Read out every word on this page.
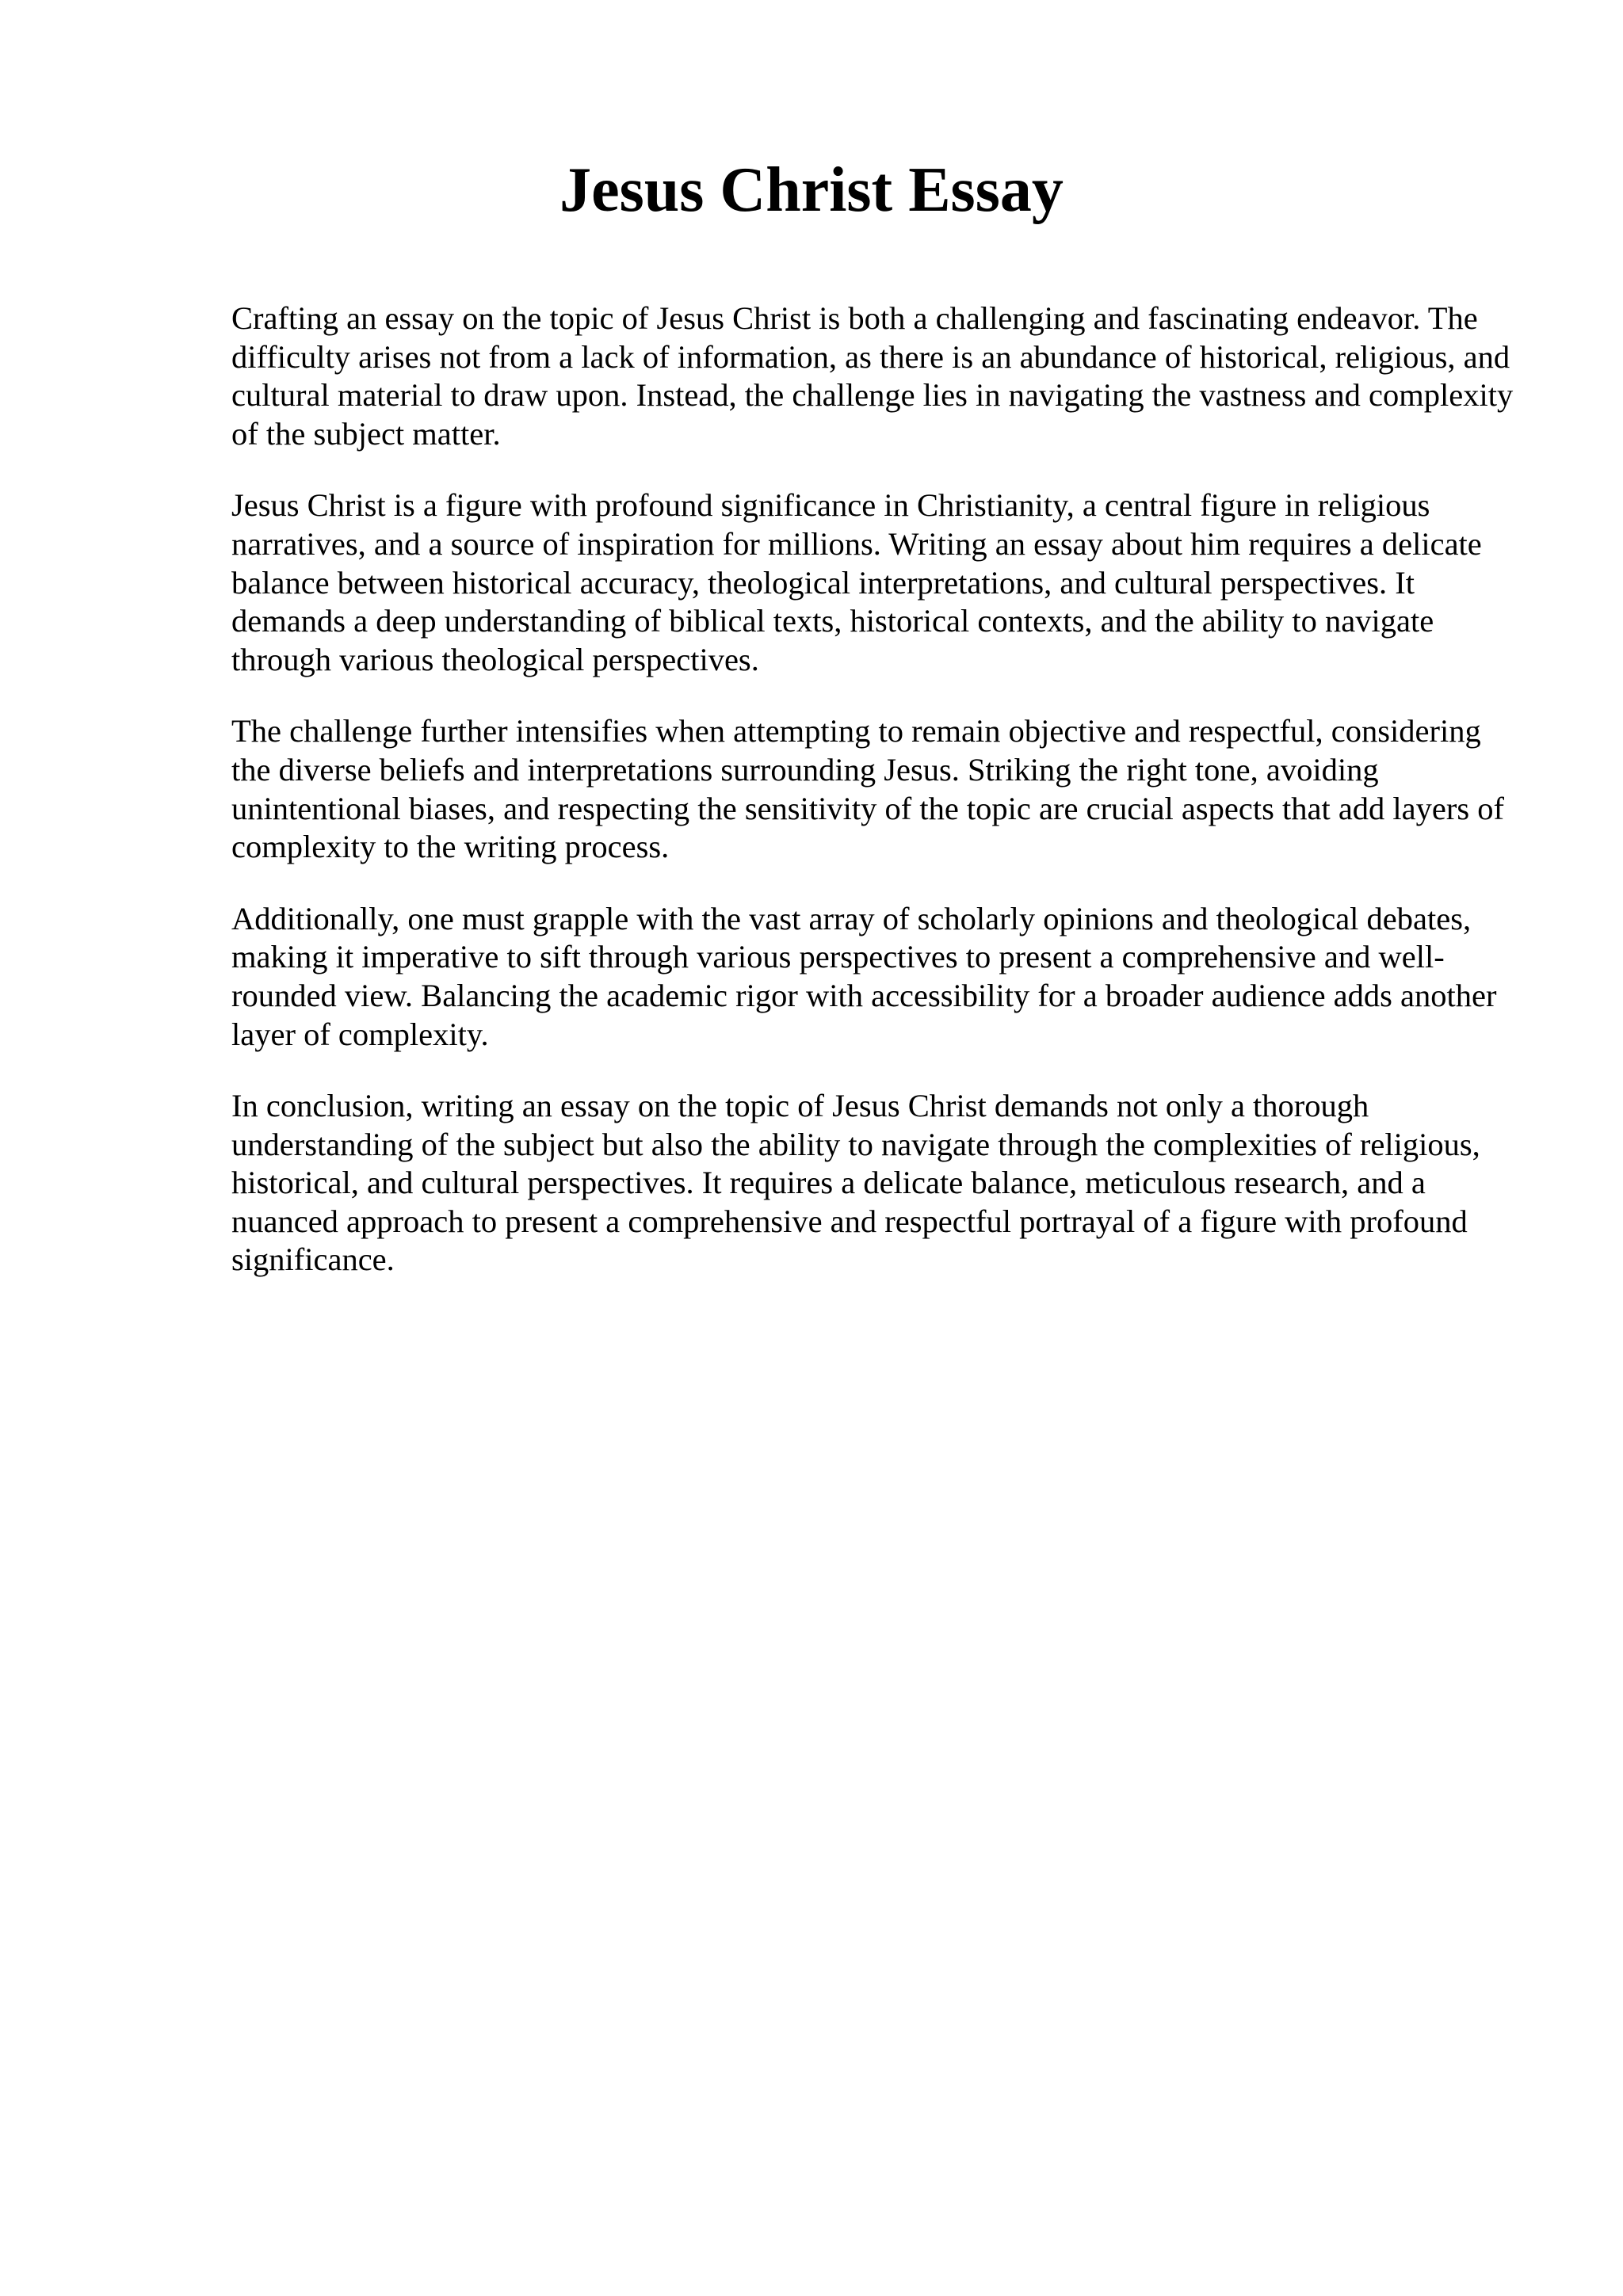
Jesus Christ Essay

Crafting an essay on the topic of Jesus Christ is both a challenging and fascinating endeavor. The difficulty arises not from a lack of information, as there is an abundance of historical, religious, and cultural material to draw upon. Instead, the challenge lies in navigating the vastness and complexity of the subject matter.

Jesus Christ is a figure with profound significance in Christianity, a central figure in religious narratives, and a source of inspiration for millions. Writing an essay about him requires a delicate balance between historical accuracy, theological interpretations, and cultural perspectives. It demands a deep understanding of biblical texts, historical contexts, and the ability to navigate through various theological perspectives.

The challenge further intensifies when attempting to remain objective and respectful, considering the diverse beliefs and interpretations surrounding Jesus. Striking the right tone, avoiding unintentional biases, and respecting the sensitivity of the topic are crucial aspects that add layers of complexity to the writing process.

Additionally, one must grapple with the vast array of scholarly opinions and theological debates, making it imperative to sift through various perspectives to present a comprehensive and well-rounded view. Balancing the academic rigor with accessibility for a broader audience adds another layer of complexity.

In conclusion, writing an essay on the topic of Jesus Christ demands not only a thorough understanding of the subject but also the ability to navigate through the complexities of religious, historical, and cultural perspectives. It requires a delicate balance, meticulous research, and a nuanced approach to present a comprehensive and respectful portrayal of a figure with profound significance.
